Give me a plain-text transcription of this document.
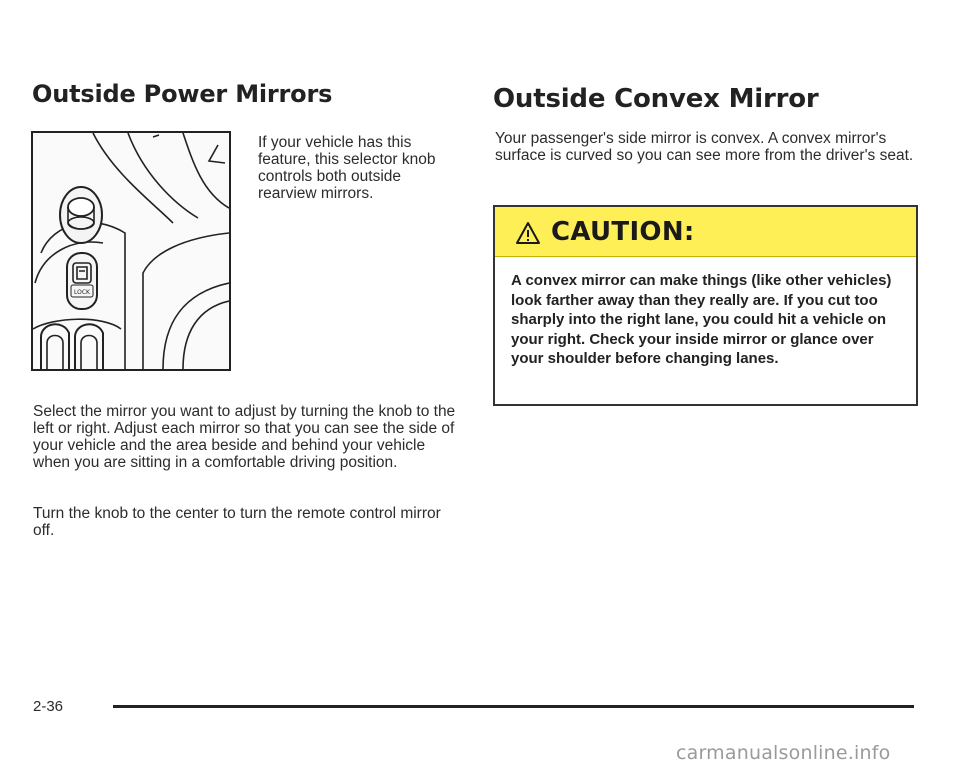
Outside Power Mirrors
LOCK

If your vehicle has this feature, this selector knob controls both outside rearview mirrors.

Select the mirror you want to adjust by turning the knob to the left or right. Adjust each mirror so that you can see the side of your vehicle and the area beside and behind your vehicle when you are sitting in a comfortable driving position.

Turn the knob to the center to turn the remote control mirror off.

Outside Convex Mirror

Your passenger's side mirror is convex. A convex mirror's surface is curved so you can see more from the driver's seat.

CAUTION:
A convex mirror can make things (like other vehicles) look farther away than they really are. If you cut too sharply into the right lane, you could hit a vehicle on your right. Check your inside mirror or glance over your shoulder before changing lanes.
2-36
carmanualsonline.info
